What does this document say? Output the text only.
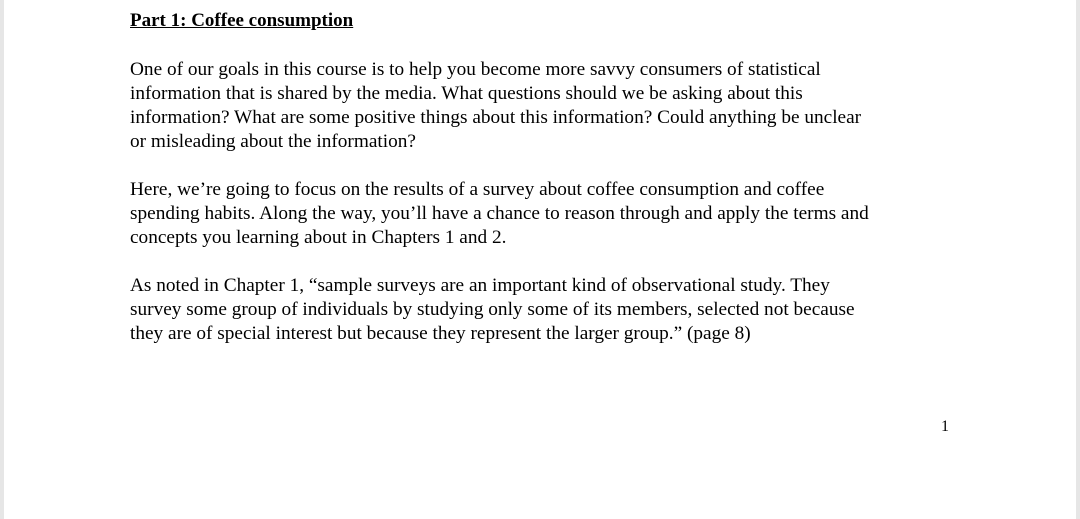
Part 1: Coffee consumption

One of our goals in this course is to help you become more savvy consumers of statistical
information that is shared by the media. What questions should we be asking about this
information? What are some positive things about this information? Could anything be unclear
or misleading about the information?

Here, we’re going to focus on the results of a survey about coffee consumption and coffee
spending habits. Along the way, you’ll have a chance to reason through and apply the terms and
concepts you learning about in Chapters 1 and 2.

As noted in Chapter 1, “sample surveys are an important kind of observational study. They
survey some group of individuals by studying only some of its members, selected not because
they are of special interest but because they represent the larger group.” (page 8)

1
